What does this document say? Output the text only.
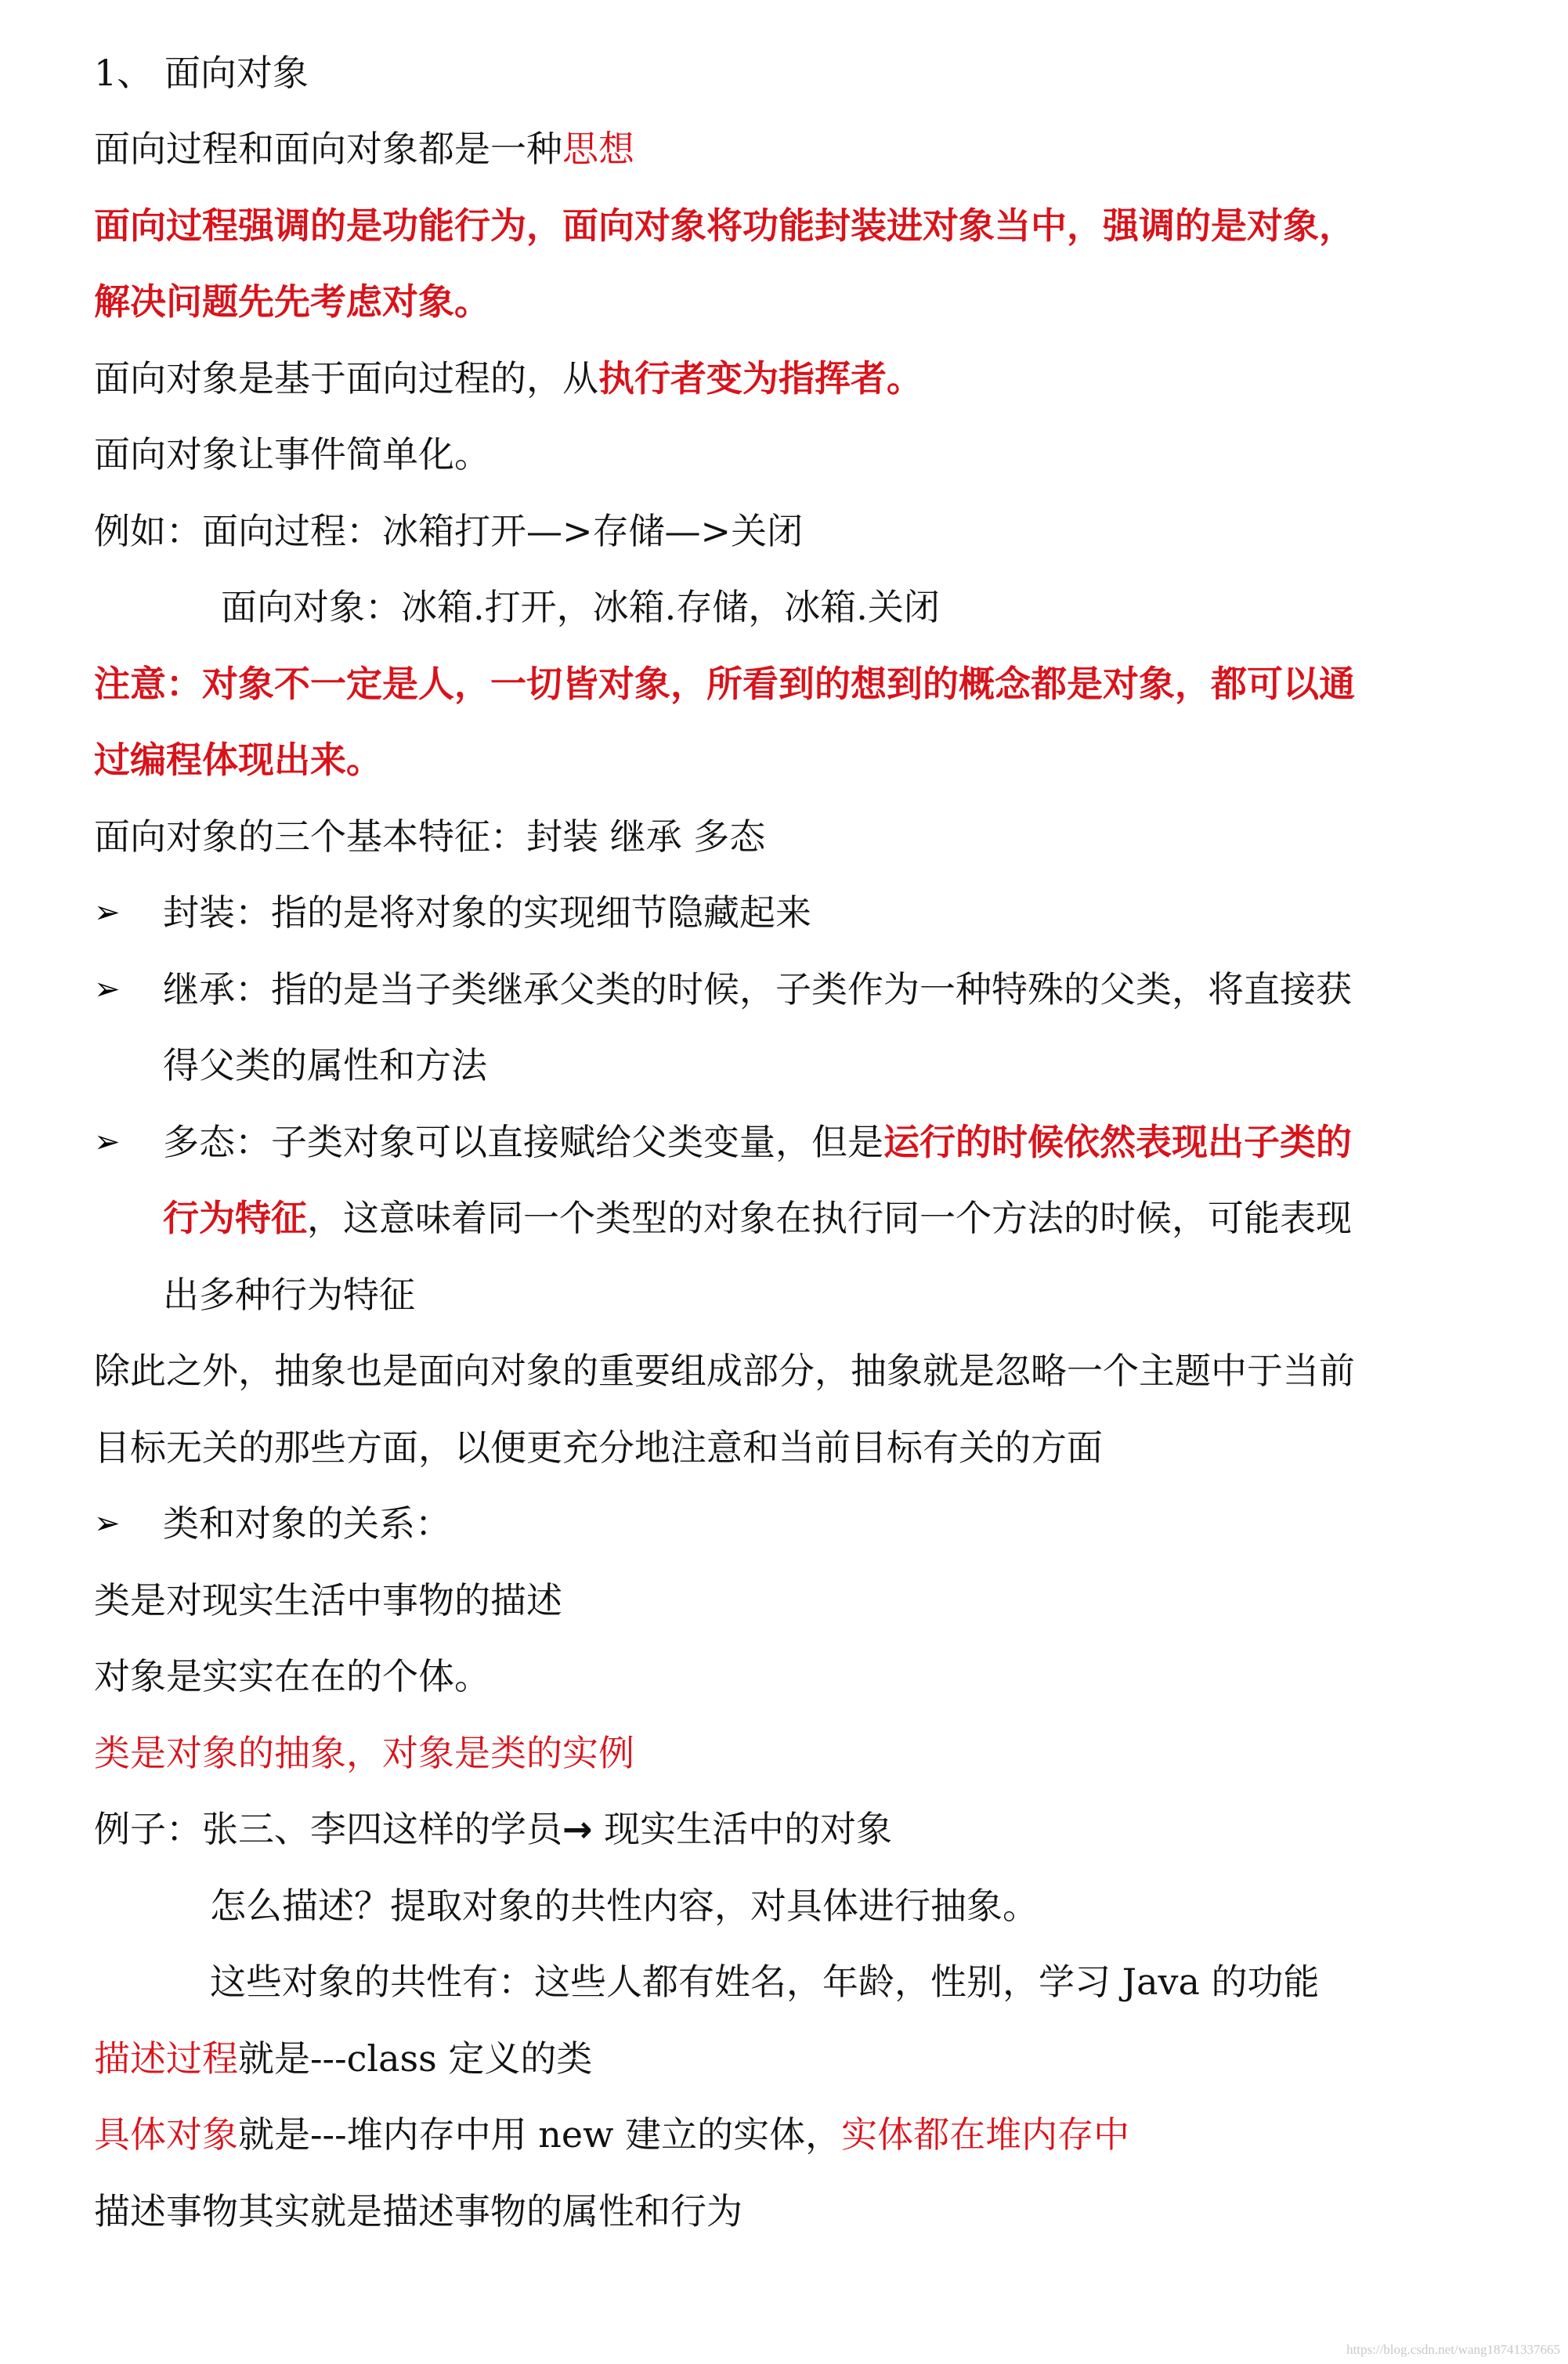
1、 面向对象
面向过程和面向对象都是一种思想
面向过程强调的是功能行为，面向对象将功能封装进对象当中，强调的是对象，
解决问题先先考虑对象。
面向对象是基于面向过程的，从执行者变为指挥者。
面向对象让事件简单化。
例如：面向过程：冰箱打开—>存储—>关闭
面向对象：冰箱.打开，冰箱.存储，冰箱.关闭
注意：对象不一定是人，一切皆对象，所看到的想到的概念都是对象，都可以通
过编程体现出来。
面向对象的三个基本特征：封装 继承 多态
➢ 封装：指的是将对象的实现细节隐藏起来
➢ 继承：指的是当子类继承父类的时候，子类作为一种特殊的父类，将直接获
得父类的属性和方法
➢ 多态：子类对象可以直接赋给父类变量，但是运行的时候依然表现出子类的
行为特征，这意味着同一个类型的对象在执行同一个方法的时候，可能表现
出多种行为特征
除此之外，抽象也是面向对象的重要组成部分，抽象就是忽略一个主题中于当前
目标无关的那些方面，以便更充分地注意和当前目标有关的方面
➢ 类和对象的关系：
类是对现实生活中事物的描述
对象是实实在在的个体。
类是对象的抽象，对象是类的实例
例子：张三、李四这样的学员→ 现实生活中的对象
怎么描述？提取对象的共性内容，对具体进行抽象。
这些对象的共性有：这些人都有姓名，年龄，性别，学习 Java 的功能
描述过程就是---class 定义的类
具体对象就是---堆内存中用 new 建立的实体，实体都在堆内存中
描述事物其实就是描述事物的属性和行为
https://blog.csdn.net/wang18741337665
